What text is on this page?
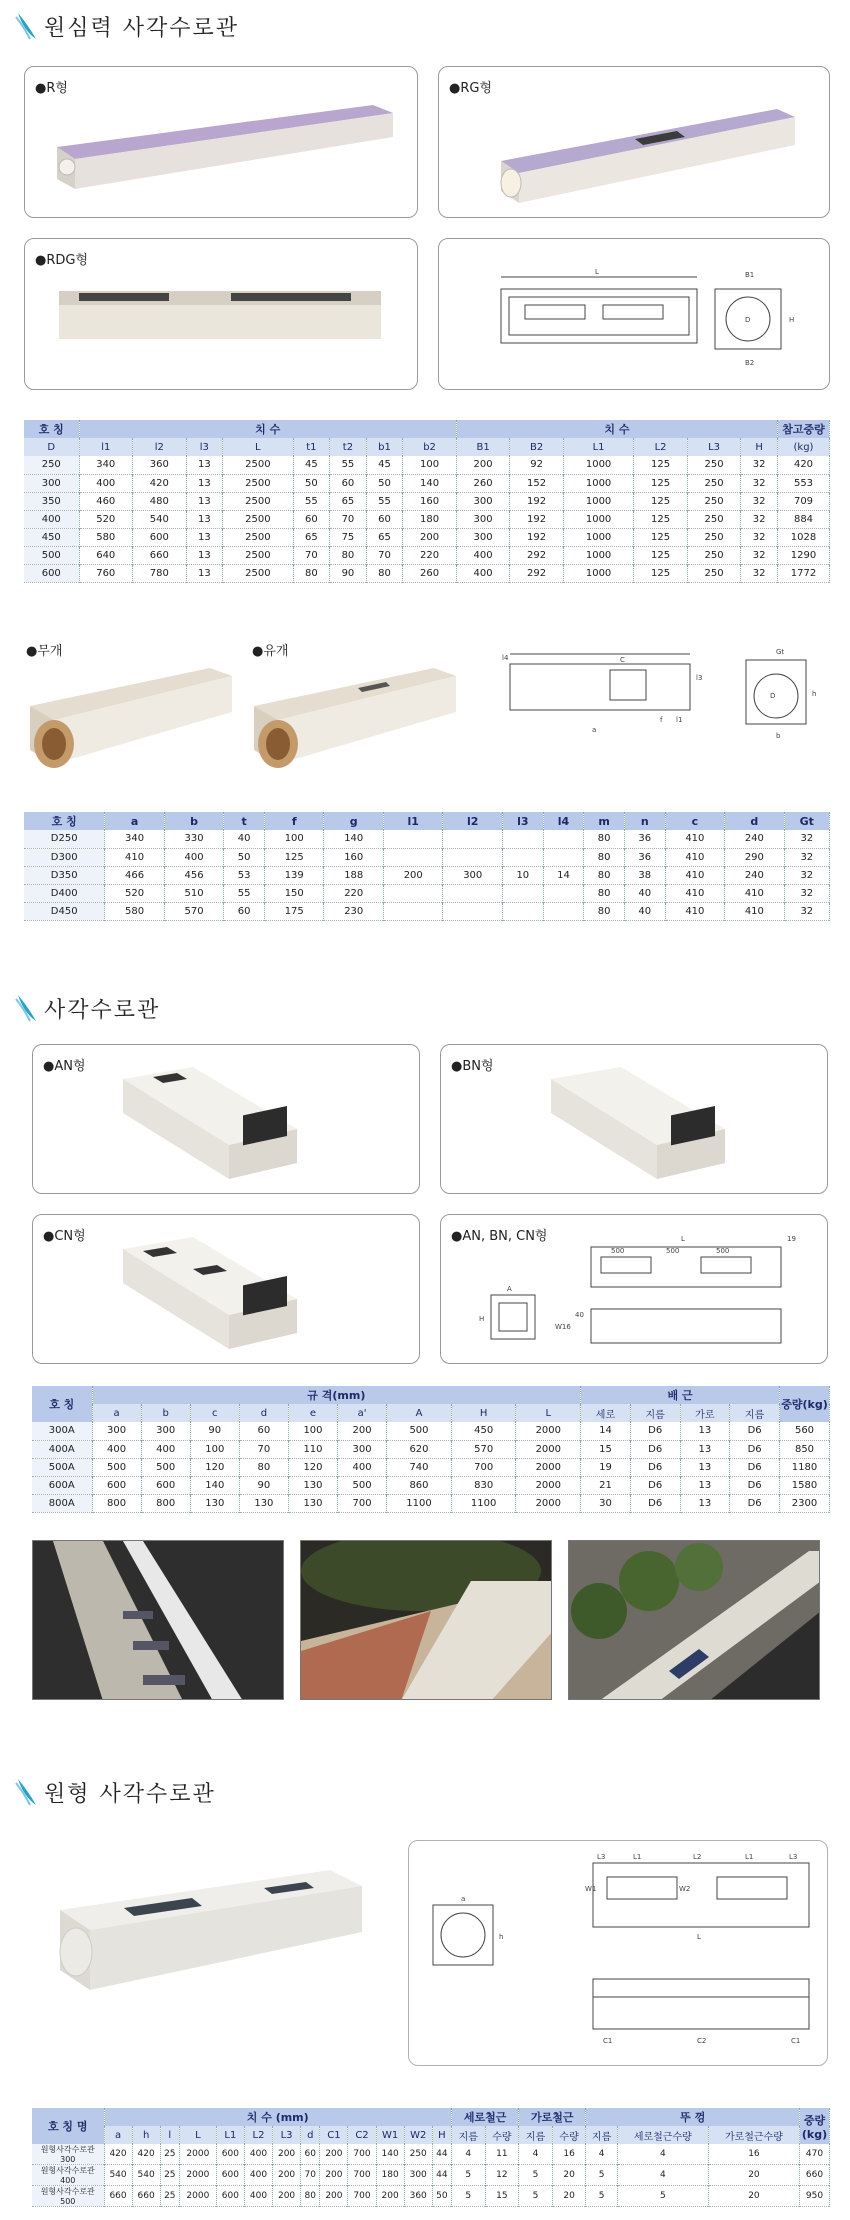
원심력 사각수로관
●R형	●RG형
●RDG형
L	B1
B2
D	H
호 칭	치 수								치 수						참고중량
D	l1	l2	l3	L	t1	t2	b1	b2	B1	B2	L1	L2	L3	H	(kg)
250	340	360	13	2500	45	55	45	100	200	92	1000	125	250	32	420
300	400	420	13	2500	50	60	50	140	260	152	1000	125	250	32	553
350	460	480	13	2500	55	65	55	160	300	192	1000	125	250	32	709
400	520	540	13	2500	60	70	60	180	300	192	1000	125	250	32	884
450	580	600	13	2500	65	75	65	200	300	192	1000	125	250	32	1028
500	640	660	13	2500	70	80	70	220	400	292	1000	125	250	32	1290
600	760	780	13	2500	80	90	80	260	400	292	1000	125	250	32	1772
●무개	●유개	l4	C
a
l3
l1
f
D	h
Gt
b
호 칭	a	b	t	f	g	l1	l2	l3	l4	m	n	c	d	Gt
D250	340	330	40	100	140					80	36	410	240	32
D300	410	400	50	125	160					80	36	410	290	32
D350	466	456	53	139	188	200	300	10	14	80	38	410	240	32
D400	520	510	55	150	220					80	40	410	410	32
D450	580	570	60	175	230					80	40	410	410	32
사각수로관
●AN형	●BN형
●CN형	●AN, BN, CN형	L
500	500	500
19
A
H
W16
40
호 칭	규 격(mm)									배 근				중량(kg)
	a	b	c	d	e	a'	A	H	L	세로	지름	가로	지름	
300A	300	300	90	60	100	200	500	450	2000	14	D6	13	D6	560
400A	400	400	100	70	110	300	620	570	2000	15	D6	13	D6	850
500A	500	500	120	80	120	400	740	700	2000	19	D6	13	D6	1180
600A	600	600	140	90	130	500	860	830	2000	21	D6	13	D6	1580
800A	800	800	130	130	130	700	1100	1100	2000	30	D6	13	D6	2300
원형 사각수로관
a
h
L3	L1	L2	L1	L3
W1	W2
L
C1	C2	C1
호 칭 명	치 수 (mm)													세로철근		가로철근		뚜 껑			중량
(kg)
	a	h	l	L	L1	L2	L3	d	C1	C2	W1	W2	H	지름	수량	지름	수량	지름	세로철근수량	가로철근수량	
원형사각수로관 300	420	420	25	2000	600	400	200	60	200	700	140	250	44	4	11	4	16	4	4	16	470
원형사각수로관 400	540	540	25	2000	600	400	200	70	200	700	180	300	44	5	12	5	20	5	4	20	660
원형사각수로관 500	660	660	25	2000	600	400	200	80	200	700	200	360	50	5	15	5	20	5	5	20	950
